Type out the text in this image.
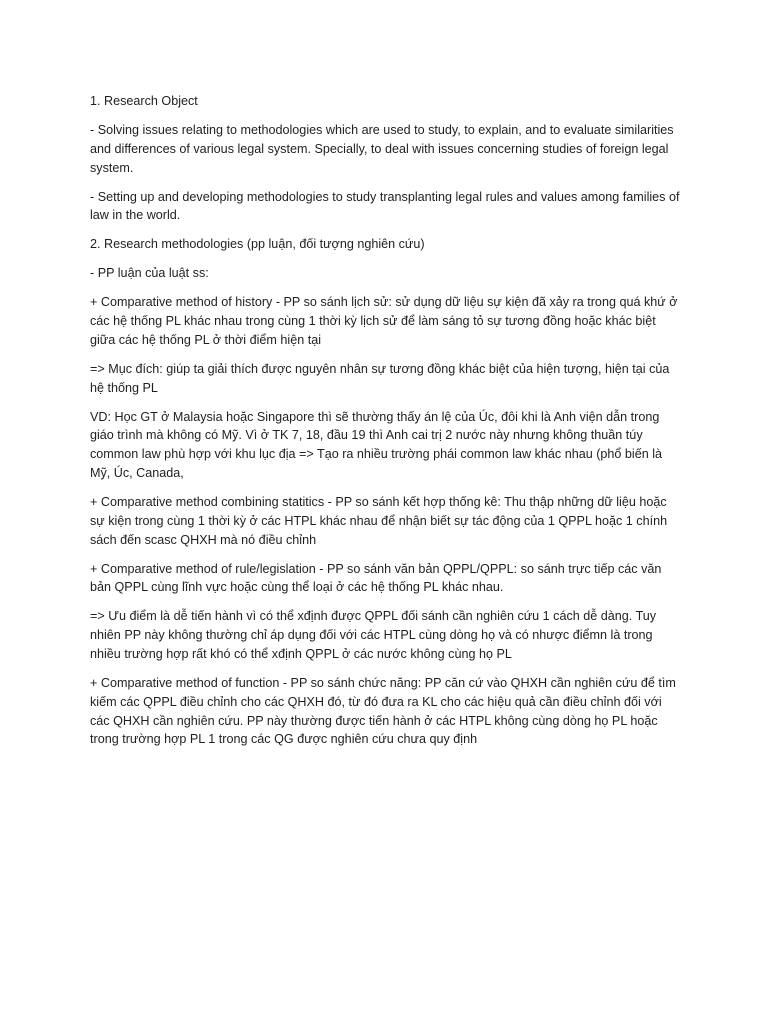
1. Research Object

- Solving issues relating to methodologies which are used to study, to explain, and to evaluate similarities and differences of various legal system. Specially, to deal with issues concerning studies of foreign legal system.

- Setting up and developing methodologies to study transplanting legal rules and values among families of law in the world.

2. Research methodologies (pp luận, đối tượng nghiên cứu)

- PP luận của luật ss:

+ Comparative method of history - PP so sánh lịch sử: sử dụng dữ liệu sự kiện đã xảy ra trong quá khứ ở các hệ thống PL khác nhau trong cùng 1 thời kỳ lịch sử để làm sáng tỏ sự tương đồng hoặc khác biệt giữa các hệ thống PL ở thời điểm hiện tại

=> Mục đích: giúp ta giải thích được nguyên nhân sự tương đồng khác biệt của hiện tượng, hiện tại của hệ thống PL

VD: Học GT ở Malaysia hoặc Singapore thì sẽ thường thấy án lệ của Úc, đôi khi là Anh viện dẫn trong giáo trình mà không có Mỹ. Vì ở TK 7, 18, đầu 19 thì Anh cai trị 2 nước này nhưng không thuần túy common law phù hợp với khu lục địa => Tạo ra nhiều trường phái common law khác nhau (phổ biến là Mỹ, Úc, Canada,

+ Comparative method combining statitics - PP so sánh kết hợp thống kê: Thu thập những dữ liệu hoặc sự kiện trong cùng 1 thời kỳ ở các HTPL khác nhau để nhận biết sự tác động của 1 QPPL hoặc 1 chính sách đến scasc QHXH mà nó điều chỉnh

+ Comparative method of rule/legislation - PP so sánh văn bản QPPL/QPPL: so sánh trực tiếp các văn bản QPPL cùng lĩnh vực hoặc cùng thể loại ở các hệ thống PL khác nhau.

=> Ưu điểm là dễ tiến hành vì có thể xđịnh được QPPL đối sánh cần nghiên cứu 1 cách dễ dàng. Tuy nhiên PP này không thường chỉ áp dụng đối với các HTPL cùng dòng họ và có nhược điểmn là trong nhiều trường hợp rất khó có thể xđịnh QPPL ở các nước không cùng họ PL

+ Comparative method of function - PP so sánh chức năng: PP căn cứ vào QHXH cần nghiên cứu để tìm kiếm các QPPL điều chỉnh cho các QHXH đó, từ đó đưa ra KL cho các hiệu quả cần điều chỉnh đối với các QHXH cần nghiên cứu. PP này thường được tiến hành ở các HTPL không cùng dòng họ PL hoặc trong trường hợp PL 1 trong các QG được nghiên cứu chưa quy định
